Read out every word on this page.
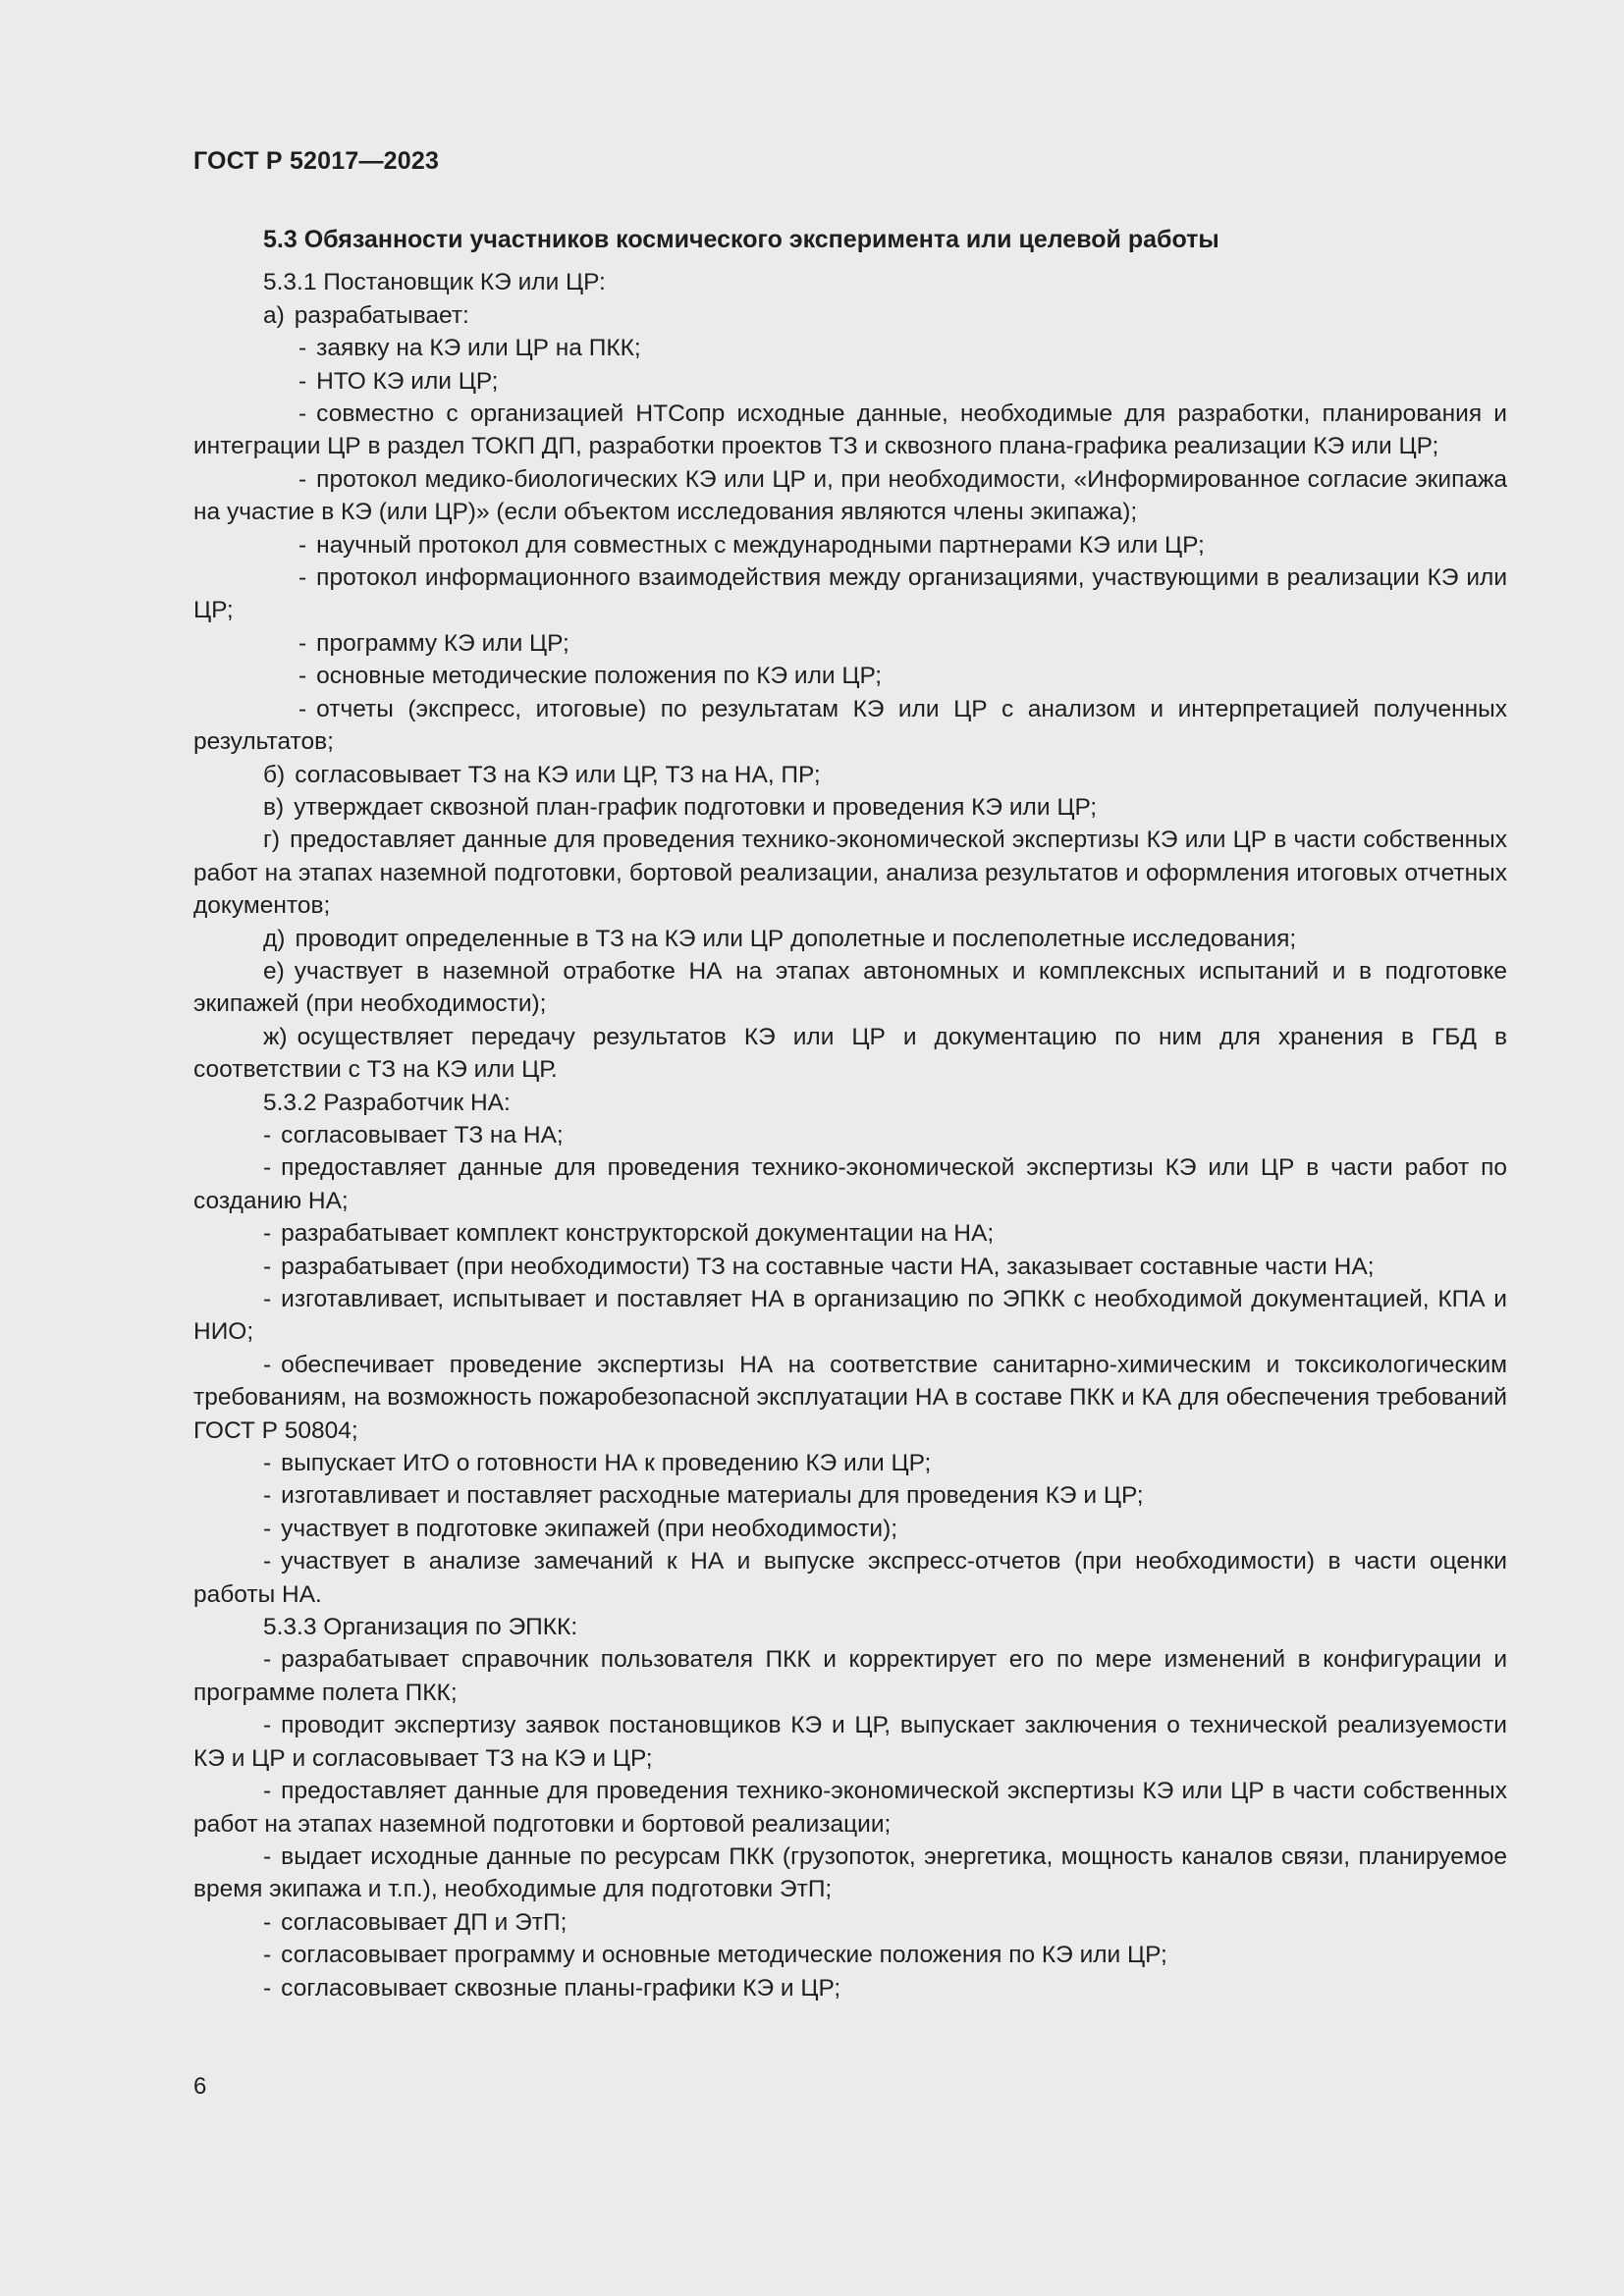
ГОСТ Р 52017—2023

5.3 Обязанности участников космического эксперимента или целевой работы

5.3.1 Постановщик КЭ или ЦР:

а) разрабатывает:

- заявку на КЭ или ЦР на ПКК;

- НТО КЭ или ЦР;

- совместно с организацией НТСопр исходные данные, необходимые для разработки, планирования и интеграции ЦР в раздел ТОКП ДП, разработки проектов ТЗ и сквозного плана-графика реализации КЭ или ЦР;

- протокол медико-биологических КЭ или ЦР и, при необходимости, «Информированное согласие экипажа на участие в КЭ (или ЦР)» (если объектом исследования являются члены экипажа);

- научный протокол для совместных с международными партнерами КЭ или ЦР;

- протокол информационного взаимодействия между организациями, участвующими в реализации КЭ или ЦР;

- программу КЭ или ЦР;

- основные методические положения по КЭ или ЦР;

- отчеты (экспресс, итоговые) по результатам КЭ или ЦР с анализом и интерпретацией полученных результатов;

б) согласовывает ТЗ на КЭ или ЦР, ТЗ на НА, ПР;

в) утверждает сквозной план-график подготовки и проведения КЭ или ЦР;

г) предоставляет данные для проведения технико-экономической экспертизы КЭ или ЦР в части собственных работ на этапах наземной подготовки, бортовой реализации, анализа результатов и оформления итоговых отчетных документов;

д) проводит определенные в ТЗ на КЭ или ЦР дополетные и послеполетные исследования;

е) участвует в наземной отработке НА на этапах автономных и комплексных испытаний и в подготовке экипажей (при необходимости);

ж) осуществляет передачу результатов КЭ или ЦР и документацию по ним для хранения в ГБД в соответствии с ТЗ на КЭ или ЦР.

5.3.2 Разработчик НА:

- согласовывает ТЗ на НА;

- предоставляет данные для проведения технико-экономической экспертизы КЭ или ЦР в части работ по созданию НА;

- разрабатывает комплект конструкторской документации на НА;

- разрабатывает (при необходимости) ТЗ на составные части НА, заказывает составные части НА;

- изготавливает, испытывает и поставляет НА в организацию по ЭПКК с необходимой документацией, КПА и НИО;

- обеспечивает проведение экспертизы НА на соответствие санитарно-химическим и токсикологическим требованиям, на возможность пожаробезопасной эксплуатации НА в составе ПКК и КА для обеспечения требований ГОСТ Р 50804;

- выпускает ИтО о готовности НА к проведению КЭ или ЦР;

- изготавливает и поставляет расходные материалы для проведения КЭ и ЦР;

- участвует в подготовке экипажей (при необходимости);

- участвует в анализе замечаний к НА и выпуске экспресс-отчетов (при необходимости) в части оценки работы НА.

5.3.3 Организация по ЭПКК:

- разрабатывает справочник пользователя ПКК и корректирует его по мере изменений в конфигурации и программе полета ПКК;

- проводит экспертизу заявок постановщиков КЭ и ЦР, выпускает заключения о технической реализуемости КЭ и ЦР и согласовывает ТЗ на КЭ и ЦР;

- предоставляет данные для проведения технико-экономической экспертизы КЭ или ЦР в части собственных работ на этапах наземной подготовки и бортовой реализации;

- выдает исходные данные по ресурсам ПКК (грузопоток, энергетика, мощность каналов связи, планируемое время экипажа и т.п.), необходимые для подготовки ЭтП;

- согласовывает ДП и ЭтП;

- согласовывает программу и основные методические положения по КЭ или ЦР;

- согласовывает сквозные планы-графики КЭ и ЦР;

6
